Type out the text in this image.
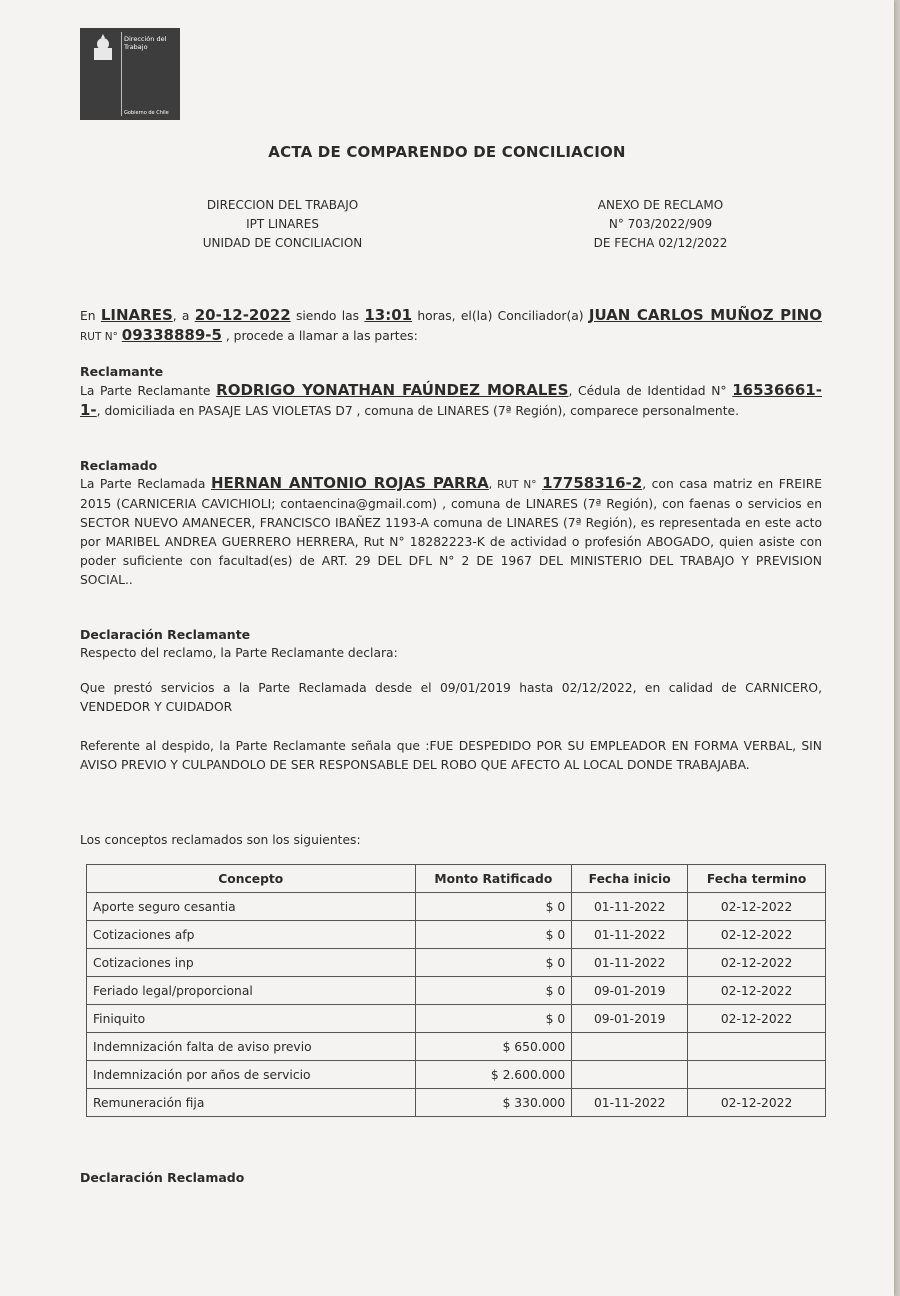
Dirección del
Trabajo
Gobierno de Chile
ACTA DE COMPARENDO DE CONCILIACION
DIRECCION DEL TRABAJO
IPT LINARES
UNIDAD DE CONCILIACION
ANEXO DE RECLAMO
N° 703/2022/909
DE FECHA 02/12/2022
En LINARES, a 20-12-2022 siendo las 13:01 horas, el(la) Conciliador(a) JUAN CARLOS MUÑOZ PINO RUT N° 09338889-5 , procede a llamar a las partes:
Reclamante
La Parte Reclamante RODRIGO YONATHAN FAÚNDEZ MORALES, Cédula de Identidad N° 16536661-1-, domiciliada en PASAJE LAS VIOLETAS D7 , comuna de LINARES (7ª Región), comparece personalmente.
Reclamado
La Parte Reclamada HERNAN ANTONIO ROJAS PARRA, RUT N° 17758316-2, con casa matriz en FREIRE 2015 (CARNICERIA CAVICHIOLI; contaencina@gmail.com) , comuna de LINARES (7ª Región), con faenas o servicios en SECTOR NUEVO AMANECER, FRANCISCO IBAÑEZ 1193-A comuna de LINARES (7ª Región), es representada en este acto por MARIBEL ANDREA GUERRERO HERRERA, Rut N° 18282223-K de actividad o profesión ABOGADO, quien asiste con poder suficiente con facultad(es) de ART. 29 DEL DFL N° 2 DE 1967 DEL MINISTERIO DEL TRABAJO Y PREVISION SOCIAL..
Declaración Reclamante
Respecto del reclamo, la Parte Reclamante declara:
Que prestó servicios a la Parte Reclamada desde el 09/01/2019 hasta 02/12/2022, en calidad de CARNICERO, VENDEDOR Y CUIDADOR
Referente al despido, la Parte Reclamante señala que :FUE DESPEDIDO POR SU EMPLEADOR EN FORMA VERBAL, SIN AVISO PREVIO Y CULPANDOLO DE SER RESPONSABLE DEL ROBO QUE AFECTO AL LOCAL DONDE TRABAJABA.
Los conceptos reclamados son los siguientes:
Concepto	Monto Ratificado	Fecha inicio	Fecha termino
Aporte seguro cesantia	$ 0	01-11-2022	02-12-2022
Cotizaciones afp	$ 0	01-11-2022	02-12-2022
Cotizaciones inp	$ 0	01-11-2022	02-12-2022
Feriado legal/proporcional	$ 0	09-01-2019	02-12-2022
Finiquito	$ 0	09-01-2019	02-12-2022
Indemnización falta de aviso previo	$ 650.000		
Indemnización por años de servicio	$ 2.600.000		
Remuneración fija	$ 330.000	01-11-2022	02-12-2022
Declaración Reclamado
